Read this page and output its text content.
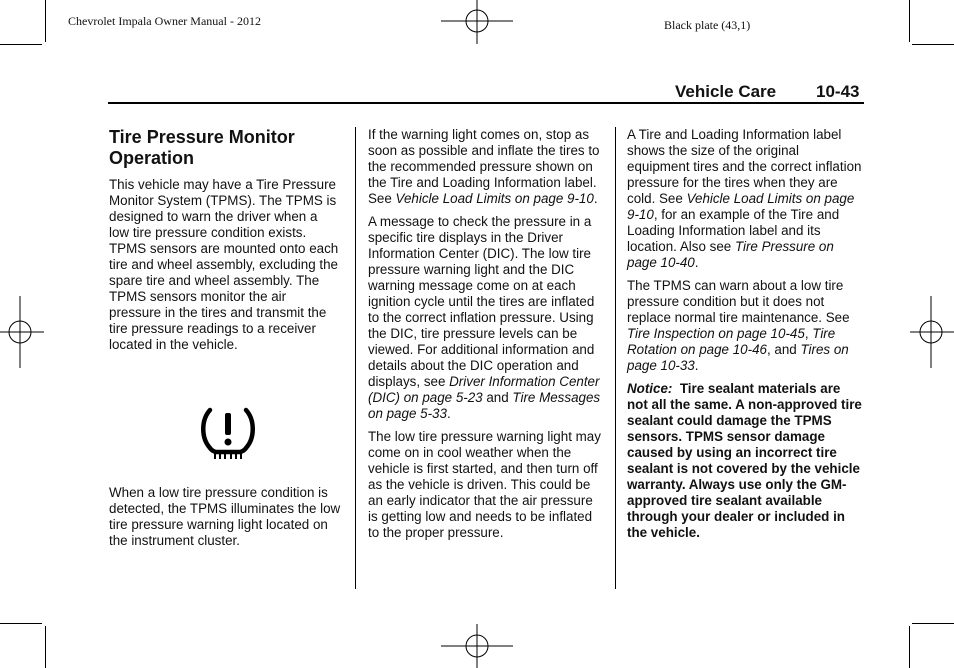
Chevrolet Impala Owner Manual - 2012	Black plate (43,1)
Vehicle Care 10-43
Tire Pressure Monitor Operation

This vehicle may have a Tire Pressure Monitor System (TPMS). The TPMS is designed to warn the driver when a low tire pressure condition exists. TPMS sensors are mounted onto each tire and wheel assembly, excluding the spare tire and wheel assembly. The TPMS sensors monitor the air pressure in the tires and transmit the tire pressure readings to a receiver located in the vehicle.

When a low tire pressure condition is detected, the TPMS illuminates the low tire pressure warning light located on the instrument cluster.

If the warning light comes on, stop as soon as possible and inflate the tires to the recommended pressure shown on the Tire and Loading Information label. See Vehicle Load Limits on page 9‑10.

A message to check the pressure in a specific tire displays in the Driver Information Center (DIC). The low tire pressure warning light and the DIC warning message come on at each ignition cycle until the tires are inflated to the correct inflation pressure. Using the DIC, tire pressure levels can be viewed. For additional information and details about the DIC operation and displays, see Driver Information Center (DIC) on page 5‑23 and Tire Messages on page 5‑33.

The low tire pressure warning light may come on in cool weather when the vehicle is first started, and then turn off as the vehicle is driven. This could be an early indicator that the air pressure is getting low and needs to be inflated to the proper pressure.

A Tire and Loading Information label shows the size of the original equipment tires and the correct inflation pressure for the tires when they are cold. See Vehicle Load Limits on page 9‑10, for an example of the Tire and Loading Information label and its location. Also see Tire Pressure on page 10‑40.

The TPMS can warn about a low tire pressure condition but it does not replace normal tire maintenance. See Tire Inspection on page 10‑45, Tire Rotation on page 10‑46, and Tires on page 10‑33.

Notice:  Tire sealant materials are not all the same. A non-approved tire sealant could damage the TPMS sensors. TPMS sensor damage caused by using an incorrect tire sealant is not covered by the vehicle warranty. Always use only the GM-approved tire sealant available through your dealer or included in the vehicle.
